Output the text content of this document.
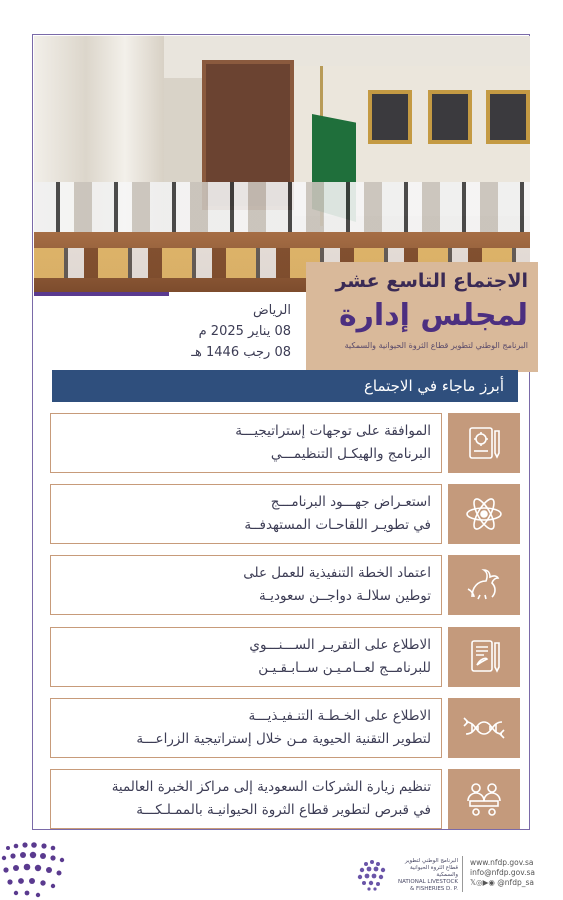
الاجتماع التاسع عشر
لمجلس إدارة
البرنامج الوطني لتطوير قطاع الثروة الحيوانية والسمكية
الرياض
08 يناير 2025 م
08 رجب 1446 هـ
أبرز ماجاء في الاجتماع
الموافقة على توجهات إستراتيجيـــة
البرنامج والهيكـل التنظيمـــي
استعـراض جهـــود البرنامـــج
في تطويـر اللقاحـات المستهدفــة
اعتماد الخطة التنفيذية للعمل على
توطين سلالـة دواجــن سعوديـة
الاطلاع على التقريـر الســـنـــوي
للبرنامــج لعــامـيـن ســابـقـيـن
الاطلاع على الخـطـة التنـفيـذيـــة
لتطوير التقنية الحيوية مـن خلال إستراتيجية الزراعـــة
تنظيم زيارة الشركات السعودية إلى مراكز الخبرة العالمية
في قبرص لتطوير قطاع الثروة الحيوانيـة بالممـلـكـــة
البرنامج الوطني لتطوير قطاع الثروة الحيوانية والسمكية
NATIONAL LIVESTOCK & FISHERIES D. P.
www.nfdp.gov.sa
info@nfdp.gov.sa
𝕏◎▶◉ @nfdp_sa
